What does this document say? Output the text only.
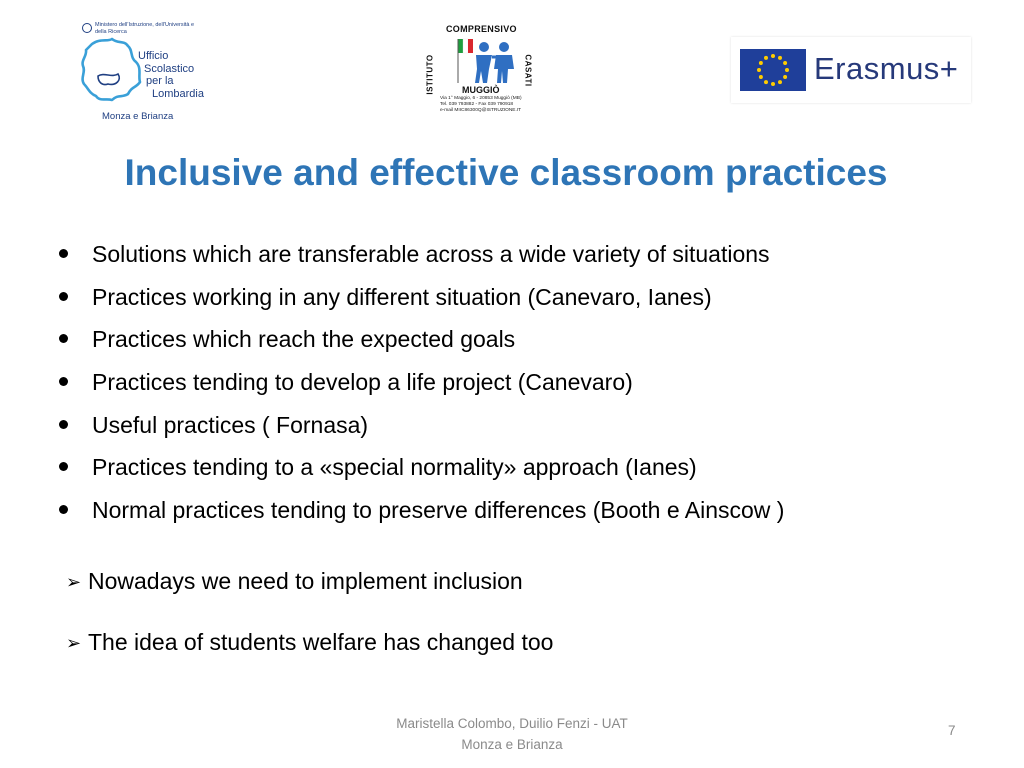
Ministero dell'Istruzione, dell'Università e della Ricerca
Ufficio
Scolastico
per la
Lombardia
Monza e Brianza
COMPRENSIVO
ISTITUTO	CASATI
MUGGIÒ
Via 1° Maggio, 6 - 20853 Muggiò (MB)
Tel. 039 793882 - Fax 039 790918
e-mail MIIC86300Q@ISTRUZIONE.IT
Erasmus+
Inclusive and effective classroom practices
Solutions which are transferable across a wide variety of situations
Practices working in any different situation (Canevaro, Ianes)
Practices which reach the expected goals
Practices tending to develop a life project (Canevaro)
Useful practices ( Fornasa)
Practices tending to a «special normality» approach (Ianes)
Normal practices tending to preserve differences (Booth e Ainscow )
➢ Nowadays we need to implement inclusion
➢ The idea of students welfare has changed too
Maristella Colombo, Duilio Fenzi - UAT
Monza e Brianza
7
